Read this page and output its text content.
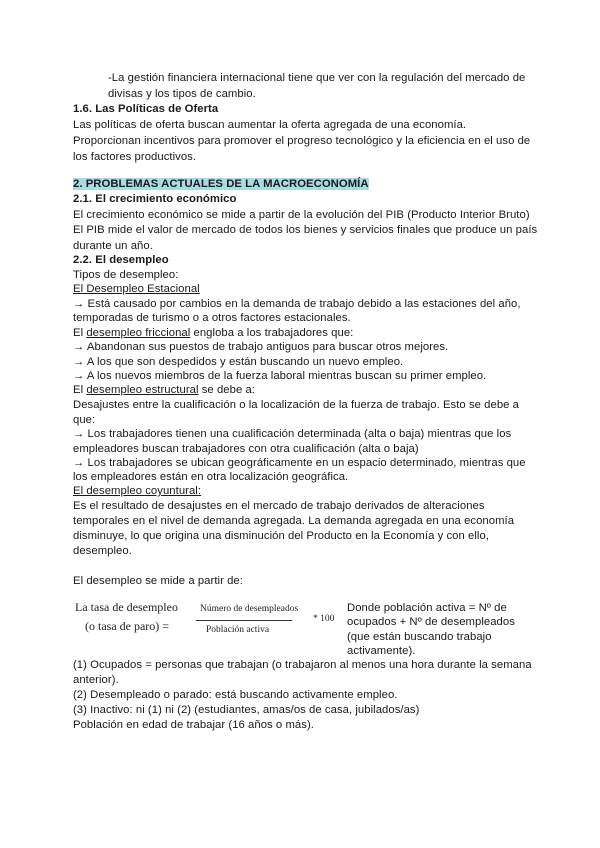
-La gestión financiera internacional tiene que ver con la regulación del mercado de
divisas y los tipos de cambio.
1.6. Las Políticas de Oferta
Las políticas de oferta buscan aumentar la oferta agregada de una economía.
Proporcionan incentivos para promover el progreso tecnológico y la eficiencia en el uso de
los factores productivos.
2. PROBLEMAS ACTUALES DE LA MACROECONOMÍA
2.1. El crecimiento económico
El crecimiento económico se mide a partir de la evolución del PIB (Producto Interior Bruto)
El PIB mide el valor de mercado de todos los bienes y servicios finales que produce un país
durante un año.
2.2. El desempleo
Tipos de desempleo:
El Desempleo Estacional
→ Está causado por cambios en la demanda de trabajo debido a las estaciones del año,
temporadas de turismo o a otros factores estacionales.
El desempleo friccional engloba a los trabajadores que:
→ Abandonan sus puestos de trabajo antiguos para buscar otros mejores.
→ A los que son despedidos y están buscando un nuevo empleo.
→ A los nuevos miembros de la fuerza laboral mientras buscan su primer empleo.
El desempleo estructural se debe a:
Desajustes entre la cualificación o la localización de la fuerza de trabajo. Esto se debe a
que:
→ Los trabajadores tienen una cualificación determinada (alta o baja) mientras que los
empleadores buscan trabajadores con otra cualificación (alta o baja)
→ Los trabajadores se ubican geográficamente en un espacio determinado, mientras que
los empleadores están en otra localización geográfica.
El desempleo coyuntural:
Es el resultado de desajustes en el mercado de trabajo derivados de alteraciones
temporales en el nivel de demanda agregada. La demanda agregada en una economía
disminuye, lo que origina una disminución del Producto en la Economía y con ello,
desempleo.
El desempleo se mide a partir de:
La tasa de desempleo
(o tasa de paro) =
Número de desempleados
Población activa
* 100
Donde población activa = Nº de
ocupados + Nº de desempleados
(que están buscando trabajo
activamente).
(1) Ocupados = personas que trabajan (o trabajaron al menos una hora durante la semana
anterior).
(2) Desempleado o parado: está buscando activamente empleo.
(3) Inactivo: ni (1) ni (2) (estudiantes, amas/os de casa, jubilados/as)
Población en edad de trabajar (16 años o más).
